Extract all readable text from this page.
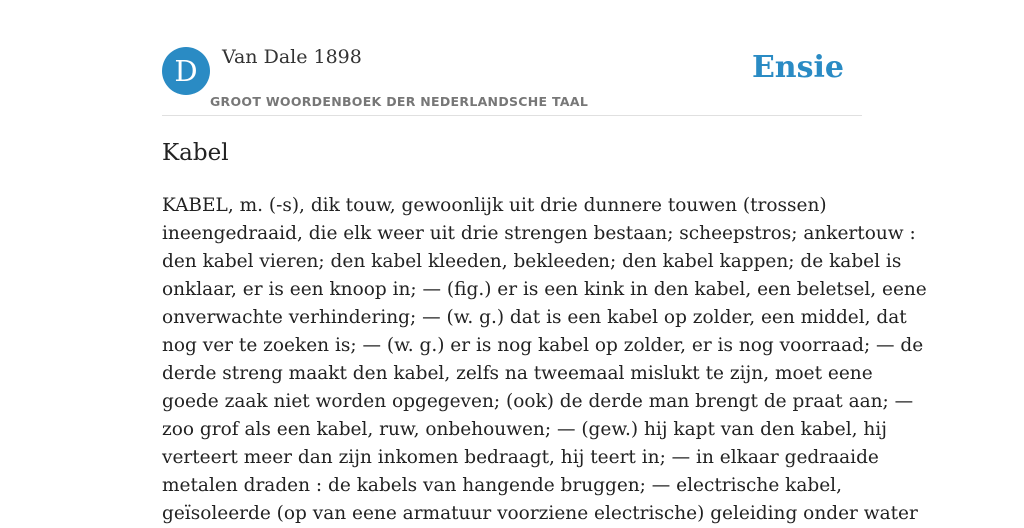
D	Van Dale 1898
GROOT WOORDENBOEK DER NEDERLANDSCHE TAAL
Ensie
Kabel
KABEL, m. (-s), dik touw, gewoonlijk uit drie dunnere touwen (trossen)
ineengedraaid, die elk weer uit drie strengen bestaan; scheepstros; ankertouw :
den kabel vieren; den kabel kleeden, bekleeden; den kabel kappen; de kabel is
onklaar, er is een knoop in; — (fig.) er is een kink in den kabel, een beletsel, eene
onverwachte verhindering; — (w. g.) dat is een kabel op zolder, een middel, dat
nog ver te zoeken is; — (w. g.) er is nog kabel op zolder, er is nog voorraad; — de
derde streng maakt den kabel, zelfs na tweemaal mislukt te zijn, moet eene
goede zaak niet worden opgegeven; (ook) de derde man brengt de praat aan; —
zoo grof als een kabel, ruw, onbehouwen; — (gew.) hij kapt van den kabel, hij
verteert meer dan zijn inkomen bedraagt, hij teert in; — in elkaar gedraaide
metalen draden : de kabels van hangende bruggen; — electrische kabel,
geïsoleerde (op van eene armatuur voorziene electrische) geleiding onder water
